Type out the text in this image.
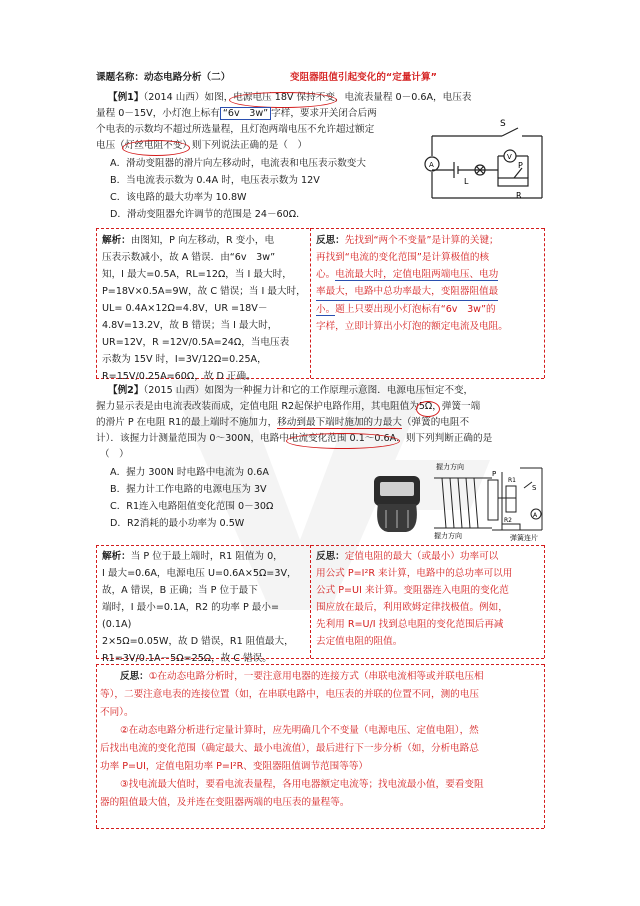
课题名称：动态电路分析（二）	变阻器阻值引起变化的“定量计算”
【例1】（2014 山西）如图，电源电压 18V 保持不变
，电流表量程 0－0.6A，电压表
量程 0－15V，小灯泡上标有 “6v　3w” 字样，要求开关闭合后两
个电表的示数均不超过所选量程，且灯泡两端电压不允许超过额定
电压（灯丝电阻不变
）则下列说法正确的是（　）
A．滑动变阻器的滑片向左移动时，电流表和电压表示数变大
B．当电流表示数为 0.4A 时，电压表示数为 12V
C．该电路的最大功率为 10.8W
D．滑动变阻器允许调节的范围是 24－60Ω．
S
V
A
L
P
R
解析：由图知，P 向左移动，R 变小，电
压表示数减小，故 A 错误．由“6v　3w”
知，I 最大=0.5A，RL=12Ω，当 I 最大时，
P=18V×0.5A=9W，故 C 错误；当 I 最大时，
UL= 0.4A×12Ω=4.8V，UR =18V－
4.8V=13.2V，故 B 错误；当 I 最大时，
UR=12V，R =12V/0.5A=24Ω，当电压表
示数为 15V 时，I=3V/12Ω=0.25A，
R=15V/0.25A=60Ω，故 D 正确。
反思：先找到“两个不变量”是计算的关键；
再找到“电流的变化范围”是计算极值的核
心。电流最大时，定值电阻两端电压、电功
率最大，电路中总功率最大，变阻器阻值最
小。题上只要出现小灯泡标有“6v　3w”的
字样，立即计算出小灯泡的额定电流及电阻。
【例2】（2015 山西）如图为一种握力计和它的工作原理示意图．电源电压恒定不变，
握力显示表是由电流表改装而成，定值电阻 R2起保护电路作用，其电阻值为5Ω
，弹簧一端
的滑片 P 在电阻 R1的最上端时不施加力，移动到最下端时施加的力最大（弹簧的电阻不
计）．该握力计测量范围为 0～300N，电路中电流变化范围 0.1～0.6A
．则下列判断正确的是
（　）
A．握力 300N 时电路中电流为 0.6A
B．握力计工作电路的电源电压为 3V
C．R1连入电路阻值变化范围 0－30Ω
D．R2消耗的最小功率为 0.5W
握力方向
握力方向	弹簧连片
P
R1
R2
S
A
解析：当 P 位于最上端时，R1 阻值为 0，
I 最大=0.6A，电源电压 U=0.6A×5Ω=3V，
故，A 错误，B 正确；当 P 位于最下
端时，I 最小=0.1A，R2 的功率 P 最小= (0.1A)
2×5Ω=0.05W，故 D 错误，R1 阻值最大，
R1=3V/0.1A－5Ω=25Ω，故 C 错误。
反思：定值电阻的最大（或最小）功率可以
用公式 P=I²R 来计算，电路中的总功率可以用
公式 P=UI 来计算。变阻器连入电阻的变化范
围应放在最后，利用欧姆定律找极值。例如，
先利用 R=U/I 找到总电阻的变化范围后再减
去定值电阻的阻值。
反思：①在动态电路分析时，一要注意用电器的连接方式（串联电流相等或并联电压相
等），二要注意电表的连接位置（如，在串联电路中，电压表的并联的位置不同，测的电压
不同）。
②在动态电路分析进行定量计算时，应先明确几个不变量（电源电压、定值电阻），然
后找出电流的变化范围（确定最大、最小电流值），最后进行下一步分析（如，分析电路总
功率 P=UI，定值电阻功率 P=I²R、变阻器阻值调节范围等等）
③找电流最大值时，要看电流表量程，各用电器额定电流等；找电流最小值，要看变阻
器的阻值最大值，及并连在变阻器两端的电压表的量程等。
